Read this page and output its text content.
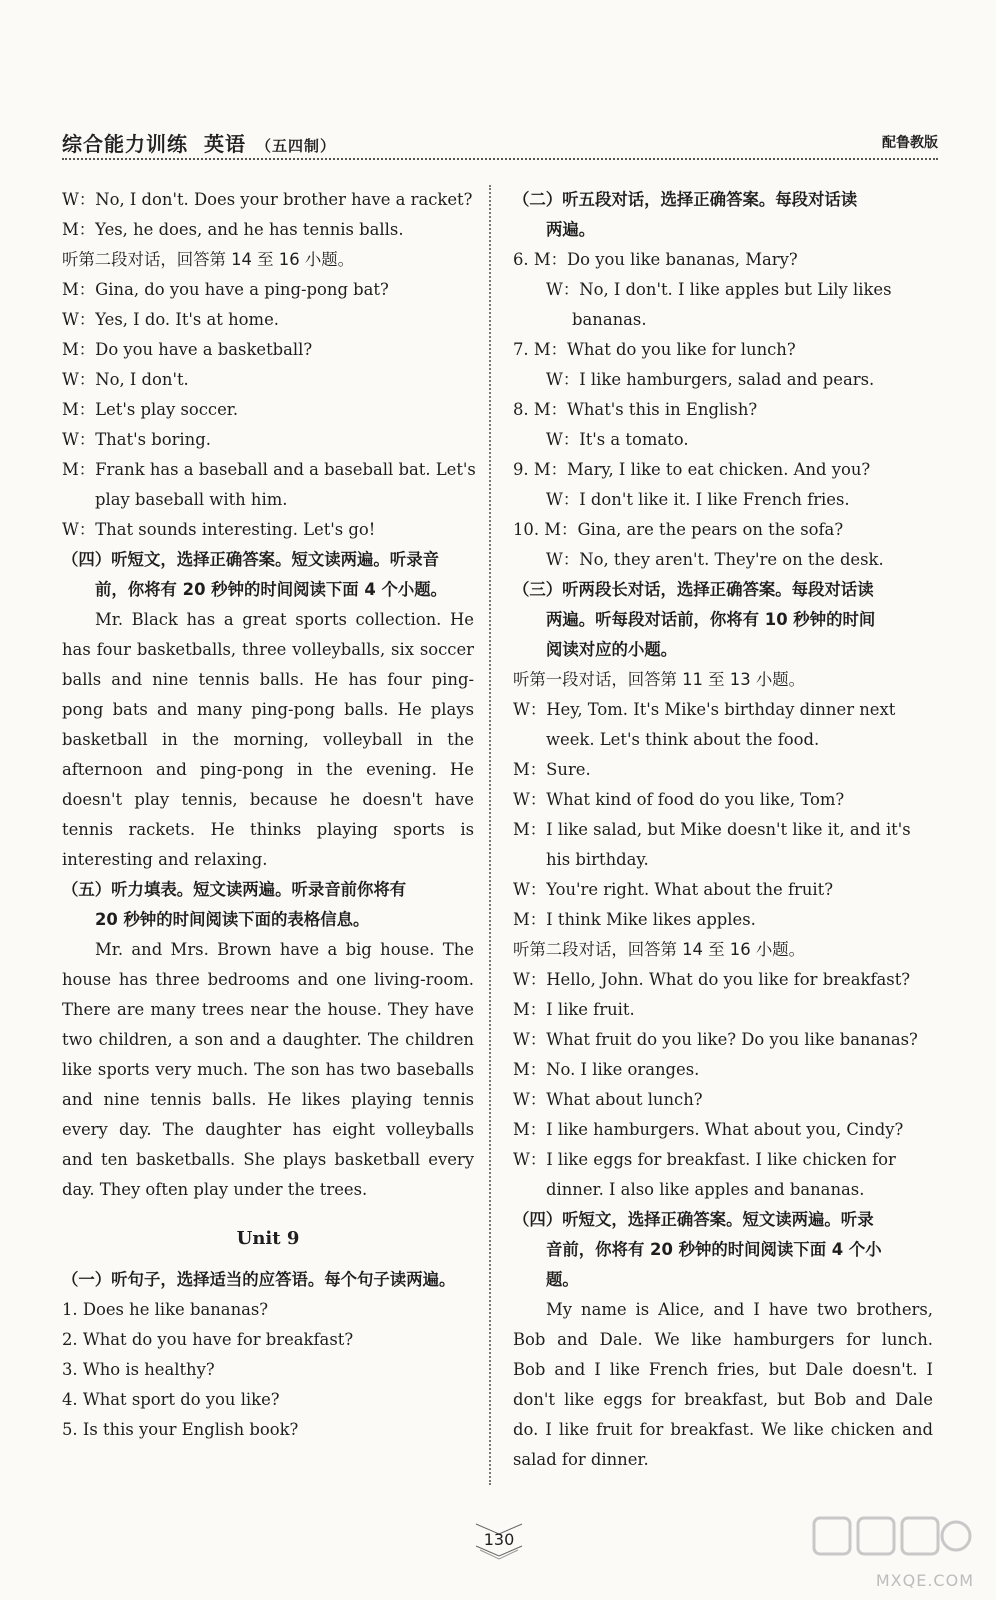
综合能力训练 英语 （五四制）	配鲁教版
W：No, I don't. Does your brother have a racket?
M：Yes, he does, and he has tennis balls.
听第二段对话，回答第 14 至 16 小题。
M：Gina, do you have a ping-pong bat?
W：Yes, I do. It's at home.
M：Do you have a basketball?
W：No, I don't.
M：Let's play soccer.
W：That's boring.
M：Frank has a baseball and a baseball bat. Let's
play baseball with him.
W：That sounds interesting. Let's go!
（四）听短文，选择正确答案。短文读两遍。听录音
前，你将有 20 秒钟的时间阅读下面 4 个小题。
Mr. Black has a great sports collection. He
has four basketballs, three volleyballs, six soccer
balls and nine tennis balls. He has four ping-
pong bats and many ping-pong balls. He plays
basketball in the morning, volleyball in the
afternoon and ping-pong in the evening. He
doesn't play tennis, because he doesn't have
tennis rackets. He thinks playing sports is
interesting and relaxing.
（五）听力填表。短文读两遍。听录音前你将有
20 秒钟的时间阅读下面的表格信息。
Mr. and Mrs. Brown have a big house. The
house has three bedrooms and one living-room.
There are many trees near the house. They have
two children, a son and a daughter. The children
like sports very much. The son has two baseballs
and nine tennis balls. He likes playing tennis
every day. The daughter has eight volleyballs
and ten basketballs. She plays basketball every
day. They often play under the trees.
Unit 9
（一）听句子，选择适当的应答语。每个句子读两遍。
1. Does he like bananas?
2. What do you have for breakfast?
3. Who is healthy?
4. What sport do you like?
5. Is this your English book?
（二）听五段对话，选择正确答案。每段对话读
两遍。
6. M：Do you like bananas, Mary?
W：No, I don't. I like apples but Lily likes
bananas.
7. M：What do you like for lunch?
W：I like hamburgers, salad and pears.
8. M：What's this in English?
W：It's a tomato.
9. M：Mary, I like to eat chicken. And you?
W：I don't like it. I like French fries.
10. M：Gina, are the pears on the sofa?
W：No, they aren't. They're on the desk.
（三）听两段长对话，选择正确答案。每段对话读
两遍。听每段对话前，你将有 10 秒钟的时间
阅读对应的小题。
听第一段对话，回答第 11 至 13 小题。
W：Hey, Tom. It's Mike's birthday dinner next
week. Let's think about the food.
M：Sure.
W：What kind of food do you like, Tom?
M：I like salad, but Mike doesn't like it, and it's
his birthday.
W：You're right. What about the fruit?
M：I think Mike likes apples.
听第二段对话，回答第 14 至 16 小题。
W：Hello, John. What do you like for breakfast?
M：I like fruit.
W：What fruit do you like? Do you like bananas?
M：No. I like oranges.
W：What about lunch?
M：I like hamburgers. What about you, Cindy?
W：I like eggs for breakfast. I like chicken for
dinner. I also like apples and bananas.
（四）听短文，选择正确答案。短文读两遍。听录
音前，你将有 20 秒钟的时间阅读下面 4 个小
题。
My name is Alice, and I have two brothers,
Bob and Dale. We like hamburgers for lunch.
Bob and I like French fries, but Dale doesn't. I
don't like eggs for breakfast, but Bob and Dale
do. I like fruit for breakfast. We like chicken and
salad for dinner.
130
MXQE.COM
